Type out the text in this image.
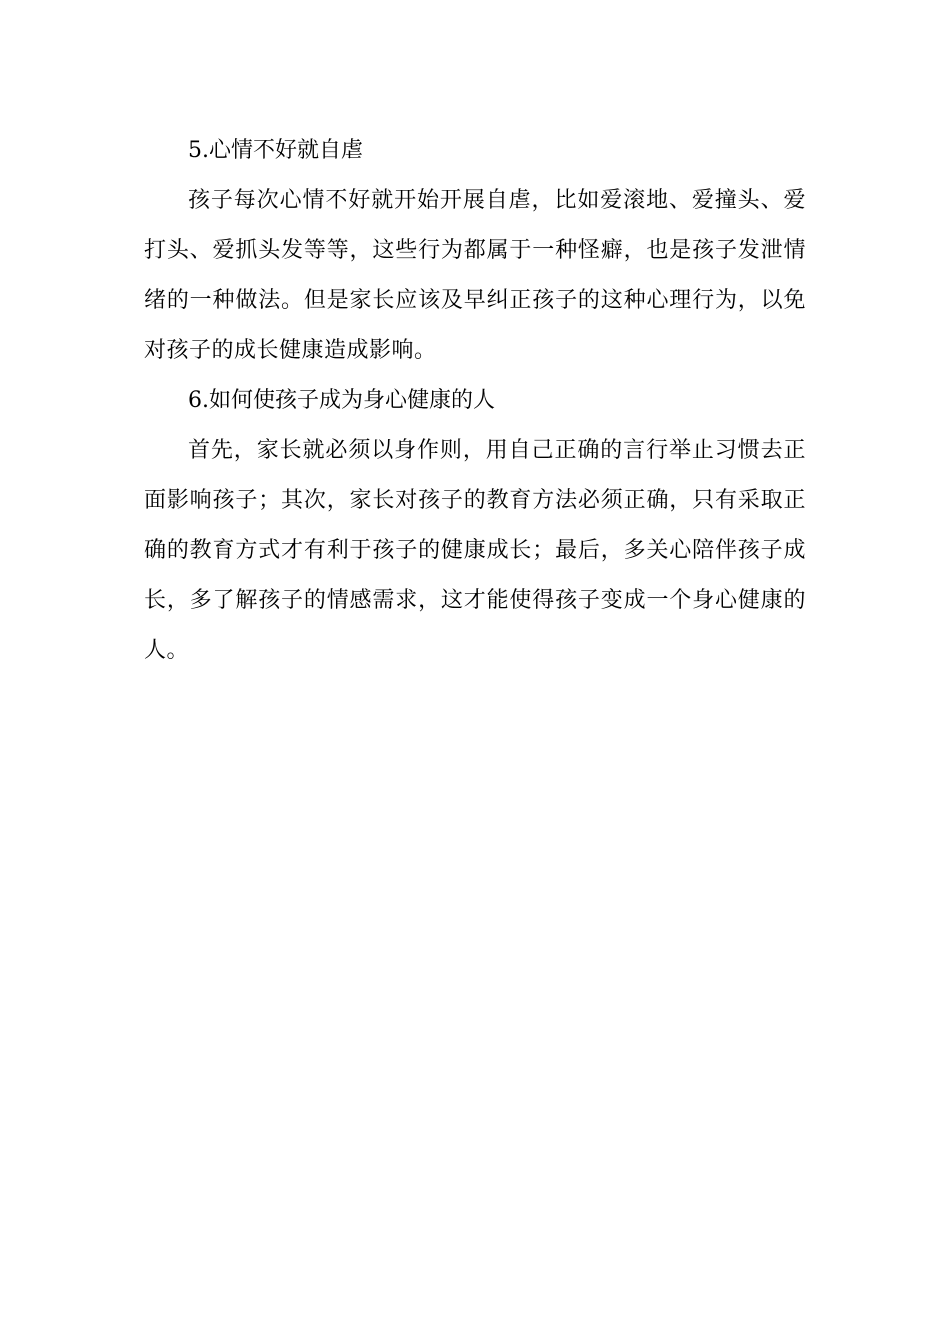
5.心情不好就自虐

孩子每次心情不好就开始开展自虐，比如爱滚地、爱撞头、爱打头、爱抓头发等等，这些行为都属于一种怪癖，也是孩子发泄情绪的一种做法。但是家长应该及早纠正孩子的这种心理行为，以免对孩子的成长健康造成影响。

6.如何使孩子成为身心健康的人

首先，家长就必须以身作则，用自己正确的言行举止习惯去正面影响孩子；其次，家长对孩子的教育方法必须正确，只有采取正确的教育方式才有利于孩子的健康成长；最后，多关心陪伴孩子成长，多了解孩子的情感需求，这才能使得孩子变成一个身心健康的人。
